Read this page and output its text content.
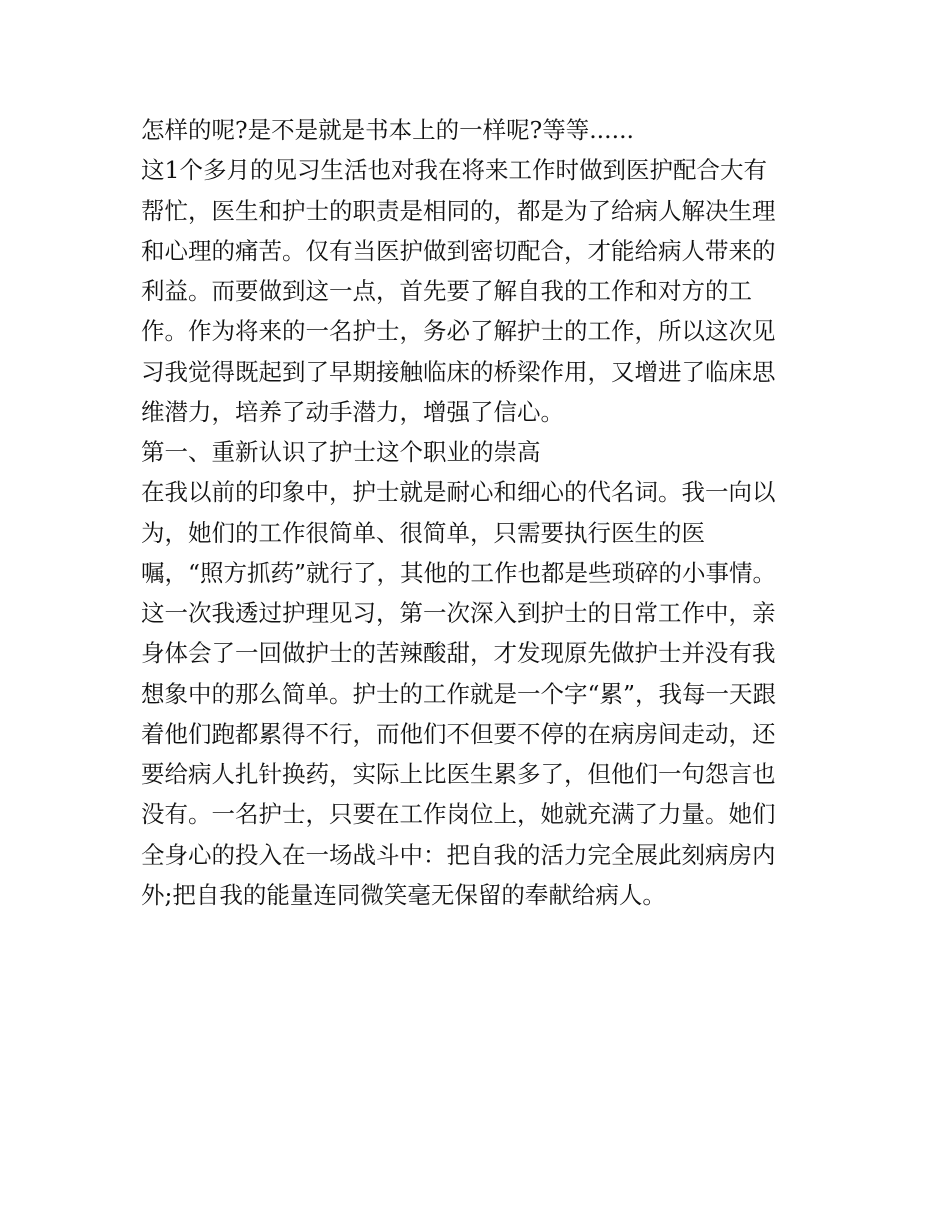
怎样的呢?是不是就是书本上的一样呢?等等......
这1个多月的见习生活也对我在将来工作时做到医护配合大有
帮忙，医生和护士的职责是相同的，都是为了给病人解决生理
和心理的痛苦。仅有当医护做到密切配合，才能给病人带来的
利益。而要做到这一点，首先要了解自我的工作和对方的工
作。作为将来的一名护士，务必了解护士的工作，所以这次见
习我觉得既起到了早期接触临床的桥梁作用，又增进了临床思
维潜力，培养了动手潜力，增强了信心。
第一、重新认识了护士这个职业的崇高
在我以前的印象中，护士就是耐心和细心的代名词。我一向以
为，她们的工作很简单、很简单，只需要执行医生的医
嘱，“照方抓药”就行了，其他的工作也都是些琐碎的小事情。
这一次我透过护理见习，第一次深入到护士的日常工作中，亲
身体会了一回做护士的苦辣酸甜，才发现原先做护士并没有我
想象中的那么简单。护士的工作就是一个字“累”，我每一天跟
着他们跑都累得不行，而他们不但要不停的在病房间走动，还
要给病人扎针换药，实际上比医生累多了，但他们一句怨言也
没有。一名护士，只要在工作岗位上，她就充满了力量。她们
全身心的投入在一场战斗中：把自我的活力完全展此刻病房内
外;把自我的能量连同微笑毫无保留的奉献给病人。
